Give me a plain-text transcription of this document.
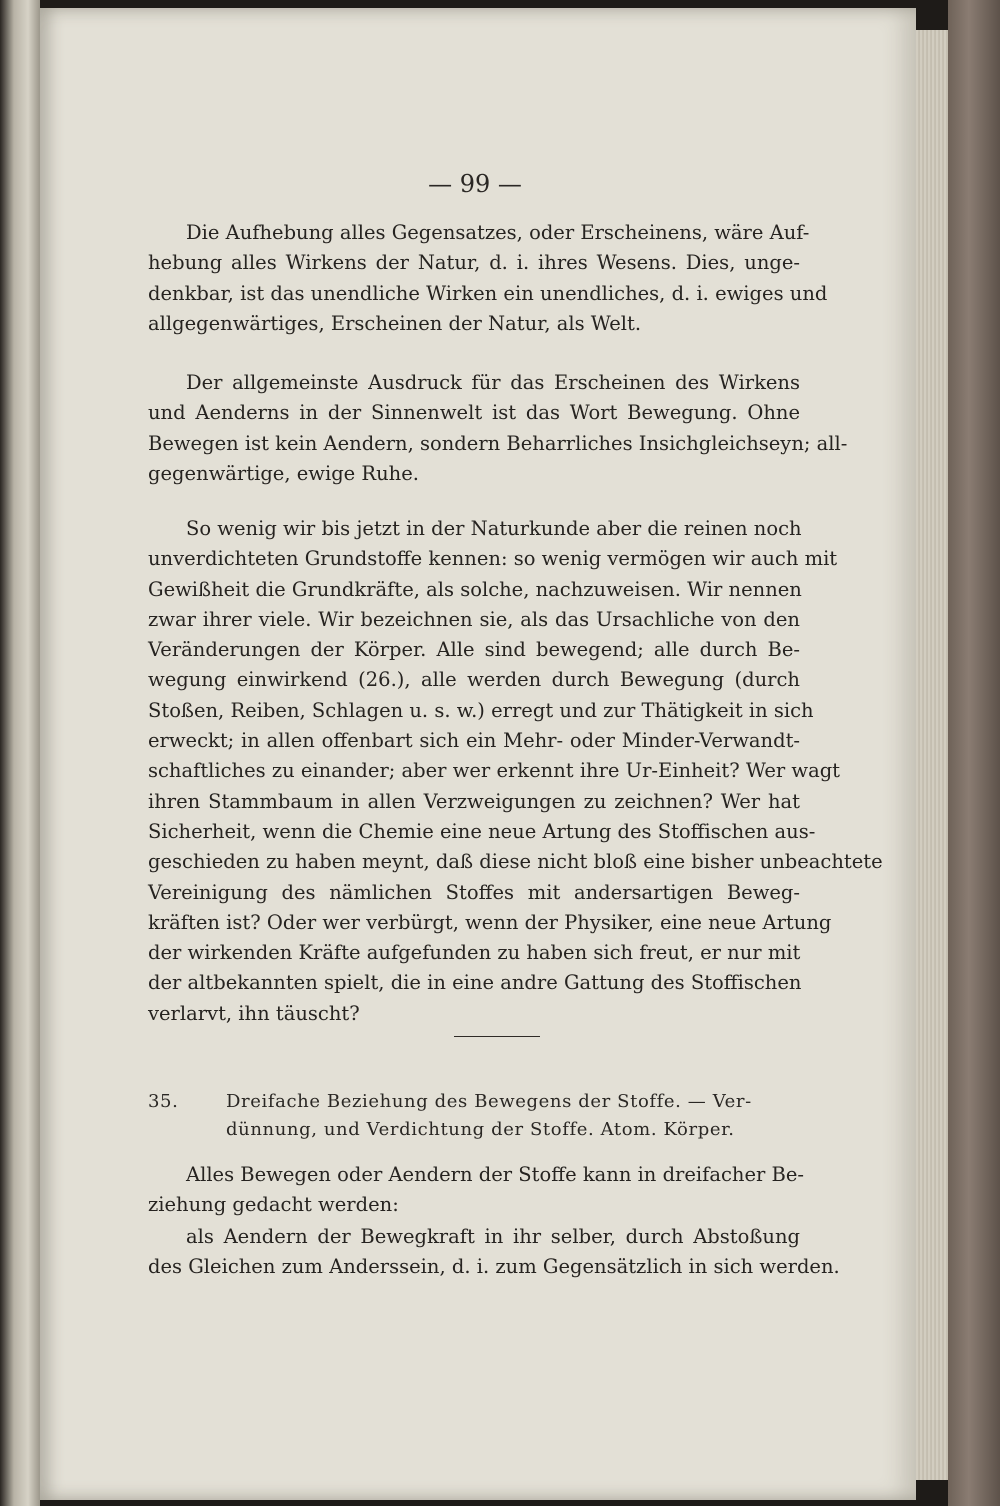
— 99 —
Die Aufhebung alles Gegensatzes, oder Erscheinens, wäre Auf-
hebung alles Wirkens der Natur, d. i. ihres Wesens. Dies, unge-
denkbar, ist das unendliche Wirken ein unendliches, d. i. ewiges und
allgegenwärtiges, Erscheinen der Natur, als Welt.
Der allgemeinste Ausdruck für das Erscheinen des Wirkens
und Aenderns in der Sinnenwelt ist das Wort Bewegung. Ohne
Bewegen ist kein Aendern, sondern Beharrliches Insichgleichseyn; all-
gegenwärtige, ewige Ruhe.
So wenig wir bis jetzt in der Naturkunde aber die reinen noch
unverdichteten Grundstoffe kennen: so wenig vermögen wir auch mit
Gewißheit die Grundkräfte, als solche, nachzuweisen. Wir nennen
zwar ihrer viele. Wir bezeichnen sie, als das Ursachliche von den
Veränderungen der Körper. Alle sind bewegend; alle durch Be-
wegung einwirkend (26.), alle werden durch Bewegung (durch
Stoßen, Reiben, Schlagen u. s. w.) erregt und zur Thätigkeit in sich
erweckt; in allen offenbart sich ein Mehr- oder Minder-Verwandt-
schaftliches zu einander; aber wer erkennt ihre Ur-Einheit? Wer wagt
ihren Stammbaum in allen Verzweigungen zu zeichnen? Wer hat
Sicherheit, wenn die Chemie eine neue Artung des Stoffischen aus-
geschieden zu haben meynt, daß diese nicht bloß eine bisher unbeachtete
Vereinigung des nämlichen Stoffes mit andersartigen Beweg-
kräften ist? Oder wer verbürgt, wenn der Physiker, eine neue Artung
der wirkenden Kräfte aufgefunden zu haben sich freut, er nur mit
der altbekannten spielt, die in eine andre Gattung des Stoffischen
verlarvt, ihn täuscht?
35.	Dreifache Beziehung des Bewegens der Stoffe. — Ver-
dünnung, und Verdichtung der Stoffe. Atom. Körper.
Alles Bewegen oder Aendern der Stoffe kann in dreifacher Be-
ziehung gedacht werden:
als Aendern der Bewegkraft in ihr selber, durch Abstoßung
des Gleichen zum Anderssein, d. i. zum Gegensätzlich in sich werden.
